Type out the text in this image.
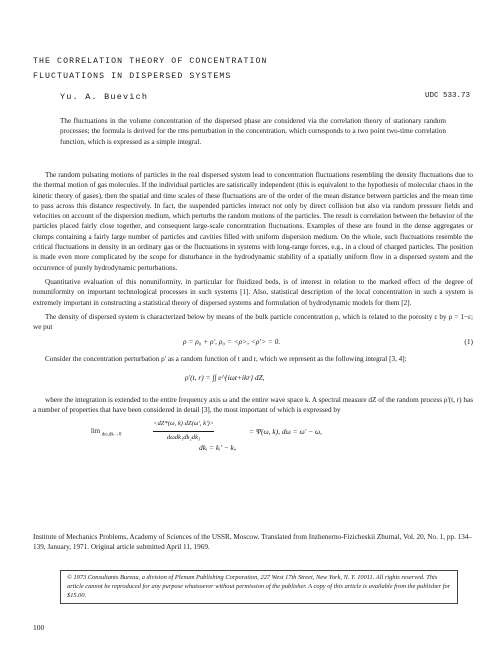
THE CORRELATION THEORY OF CONCENTRATION
FLUCTUATIONS IN DISPERSED SYSTEMS
Yu. A. Buevich	UDC 533.73
The fluctuations in the volume concentration of the dispersed phase are considered via the correlation theory of stationary random processes; the formula is derived for the rms perturbation in the concentration, which corresponds to a two point two-time correlation function, which is expressed as a simple integral.

The random pulsating motions of particles in the real dispersed system lead to concentration fluctuations resembling the density fluctuations due to the thermal motion of gas molecules. If the individual particles are satistically independent (this is equivalent to the hypothesis of molecular chaos in the kinetic theory of gases), then the spatial and time scales of these fluctuations are of the order of the mean distance between particles and the mean time to pass across this distance respectively. In fact, the suspended particles interact not only by direct collision but also via random pressure fields and velocities on account of the dispersion medium, which perturbs the random motions of the particles. The result is correlation between the behavior of the particles placed fairly close together, and consequent large-scale concentration fluctuations. Examples of these are found in the dense aggregates or clumps containing a fairly large number of particles and cavities filled with uniform dispersion medium. On the whole, such fluctuations resemble the critical fluctuations in density in an ordinary gas or the fluctuations in systems with long-range forces, e.g., in a cloud of charged particles. The position is made even more complicated by the scope for disturbance in the hydrodynamic stability of a spatially uniform flow in a dispersed system and the occurrence of purely hydrodynamic perturbations.

Quantitative evaluation of this nonuniformity, in particular for fluidized beds, is of interest in relation to the marked effect of the degree of nonuniformity on important technological processes in such systems [1]. Also, statistical description of the local concentration in such a system is extremely important in constructing a statistical theory of dispersed systems and formulation of hydrodynamic models for them [2].

The density of dispersed system is characterized below by means of the bulk particle concentration ρ, which is related to the porosity ε by ρ = 1−ε; we put

ρ = ρ₀ + ρ', ρ₀ = <ρ>, <ρ'> = 0.	(1)

Consider the concentration perturbation ρ' as a random function of t and r, which we represent as the following integral [3, 4]:

ρ'(t, r) = ∫∫ e^{iωt+ikr} dZ,

where the integration is extended to the entire frequency axis ω and the entire wave space k. A spectral measure dZ of the random process ρ'(t, r) has a number of properties that have been considered in detail [3], the most important of which is expressed by

lim $_{d\omega,dk\to 0}$
<dZ*(ω, k) dZ(ω', k')>
dωdk₁dk₂dk₃
= Ψ(ω, k), dω = ω' − ω,
dkᵢ = kᵢ' − kᵢ.
Institute of Mechanics Problems, Academy of Sciences of the USSR, Moscow. Translated from Inzhenerno-Fizicheskii Zhurnal, Vol. 20, No. 1, pp. 134–139, January, 1971. Original article submitted April 11, 1969.
© 1973 Consultants Bureau, a division of Plenum Publishing Corporation, 227 West 17th Street, New York, N. Y. 10011. All rights reserved. This article cannot be reproduced for any purpose whatsoever without permission of the publisher. A copy of this article is available from the publisher for $15.00.
100
